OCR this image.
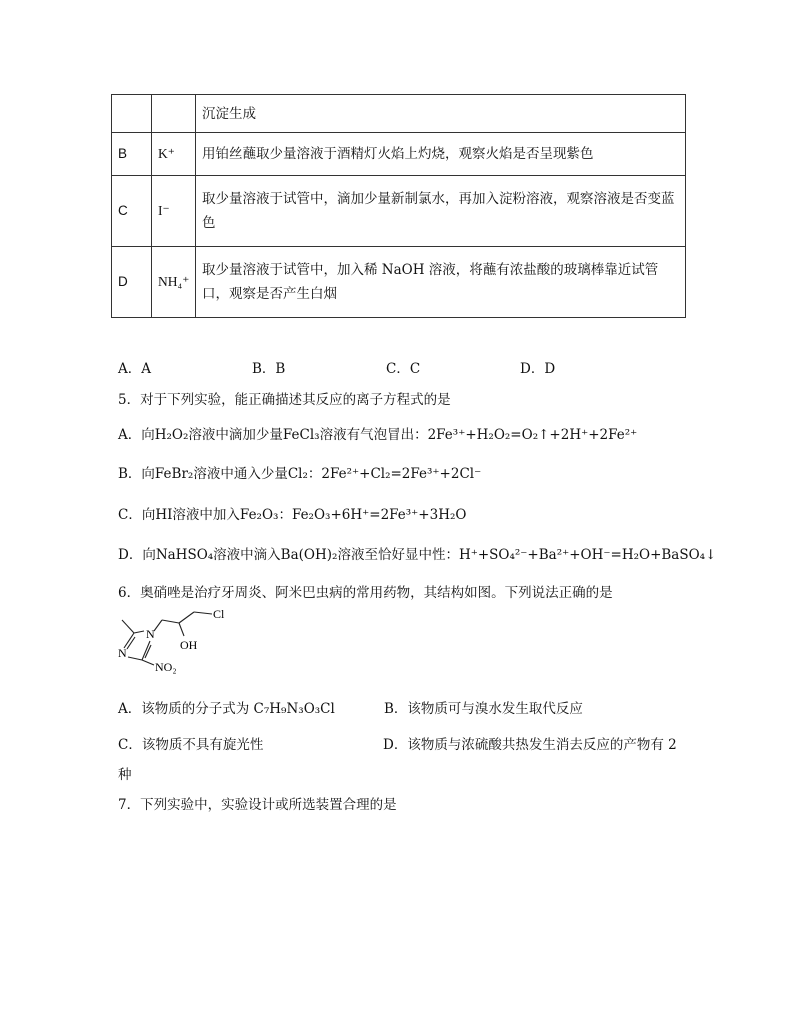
		沉淀生成
B	K⁺	用铂丝蘸取少量溶液于酒精灯火焰上灼烧，观察火焰是否呈现紫色
C	I⁻	取少量溶液于试管中，滴加少量新制氯水，再加入淀粉溶液，观察溶液是否变蓝色
D	NH₄⁺	取少量溶液于试管中，加入稀 NaOH 溶液，将蘸有浓盐酸的玻璃棒靠近试管口，观察是否产生白烟
A．A	B．B	C．C	D．D
5．对于下列实验，能正确描述其反应的离子方程式的是
A．向H₂O₂溶液中滴加少量FeCl₃溶液有气泡冒出：2Fe³⁺+H₂O₂=O₂↑+2H⁺+2Fe²⁺
B．向FeBr₂溶液中通入少量Cl₂：2Fe²⁺+Cl₂=2Fe³⁺+2Cl⁻
C．向HI溶液中加入Fe₂O₃：Fe₂O₃+6H⁺=2Fe³⁺+3H₂O
D．向NaHSO₄溶液中滴入Ba(OH)₂溶液至恰好显中性：H⁺+SO₄²⁻+Ba²⁺+OH⁻=H₂O+BaSO₄↓
6．奥硝唑是治疗牙周炎、阿米巴虫病的常用药物，其结构如图。下列说法正确的是
N
N
Cl
OH
NO₂
A．该物质的分子式为 C₇H₉N₃O₃Cl	B．该物质可与溴水发生取代反应
C．该物质不具有旋光性	D．该物质与浓硫酸共热发生消去反应的产物有 2
种
7．下列实验中，实验设计或所选装置合理的是
